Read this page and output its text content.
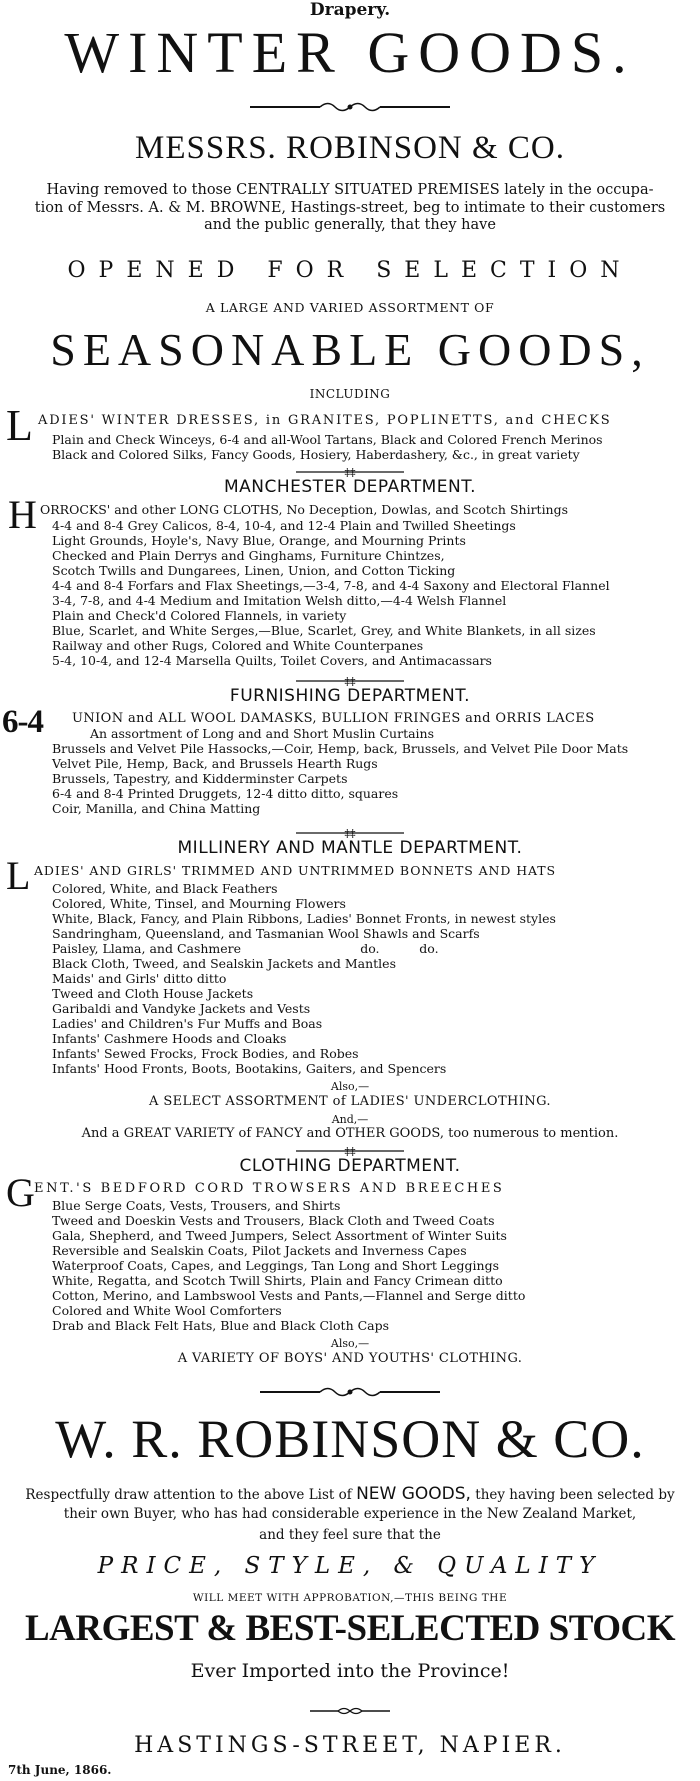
Drapery.
WINTER GOODS.
MESSRS. ROBINSON & CO.
Having removed to those CENTRALLY SITUATED PREMISES lately in the occupa-
tion of Messrs. A. & M. BROWNE, Hastings-street, beg to intimate to their customers
and the public generally, that they have
OPENED FOR SELECTION
A LARGE AND VARIED ASSORTMENT OF
SEASONABLE GOODS,
INCLUDING
L ADIES' WINTER DRESSES, in GRANITES, POPLINETTS, and CHECKS
Plain and Check Winceys, 6-4 and all-Wool Tartans, Black and Colored French Merinos
Black and Colored Silks, Fancy Goods, Hosiery, Haberdashery, &c., in great variety
‡‡
MANCHESTER DEPARTMENT.
H ORROCKS' and other LONG CLOTHS, No Deception, Dowlas, and Scotch Shirtings
4-4 and 8-4 Grey Calicos, 8-4, 10-4, and 12-4 Plain and Twilled Sheetings
Light Grounds, Hoyle's, Navy Blue, Orange, and Mourning Prints
Checked and Plain Derrys and Ginghams, Furniture Chintzes,
Scotch Twills and Dungarees, Linen, Union, and Cotton Ticking
4-4 and 8-4 Forfars and Flax Sheetings,—3-4, 7-8, and 4-4 Saxony and Electoral Flannel
3-4, 7-8, and 4-4 Medium and Imitation Welsh ditto,—4-4 Welsh Flannel
Plain and Check'd Colored Flannels, in variety
Blue, Scarlet, and White Serges,—Blue, Scarlet, Grey, and White Blankets, in all sizes
Railway and other Rugs, Colored and White Counterpanes
5-4, 10-4, and 12-4 Marsella Quilts, Toilet Covers, and Antimacassars
‡‡
FURNISHING DEPARTMENT.
6-4 UNION and ALL WOOL DAMASKS, BULLION FRINGES and ORRIS LACES
An assortment of Long and and Short Muslin Curtains
Brussels and Velvet Pile Hassocks,—Coir, Hemp, back, Brussels, and Velvet Pile Door Mats
Velvet Pile, Hemp, Back, and Brussels Hearth Rugs
Brussels, Tapestry, and Kidderminster Carpets
6-4 and 8-4 Printed Druggets, 12-4 ditto ditto, squares
Coir, Manilla, and China Matting
‡‡
MILLINERY AND MANTLE DEPARTMENT.
L ADIES' AND GIRLS' TRIMMED AND UNTRIMMED BONNETS AND HATS
Colored, White, and Black Feathers
Colored, White, Tinsel, and Mourning Flowers
White, Black, Fancy, and Plain Ribbons, Ladies' Bonnet Fronts, in newest styles
Sandringham, Queensland, and Tasmanian Wool Shawls and Scarfs
Paisley, Llama, and Cashmere                              do.          do.
Black Cloth, Tweed, and Sealskin Jackets and Mantles
Maids' and Girls' ditto ditto
Tweed and Cloth House Jackets
Garibaldi and Vandyke Jackets and Vests
Ladies' and Children's Fur Muffs and Boas
Infants' Cashmere Hoods and Cloaks
Infants' Sewed Frocks, Frock Bodies, and Robes
Infants' Hood Fronts, Boots, Bootakins, Gaiters, and Spencers
Also,—
A SELECT ASSORTMENT of LADIES' UNDERCLOTHING.
And,—
And a GREAT VARIETY of FANCY and OTHER GOODS, too numerous to mention.
‡‡
CLOTHING DEPARTMENT.
G ENT.'S BEDFORD CORD TROWSERS AND BREECHES
Blue Serge Coats, Vests, Trousers, and Shirts
Tweed and Doeskin Vests and Trousers, Black Cloth and Tweed Coats
Gala, Shepherd, and Tweed Jumpers, Select Assortment of Winter Suits
Reversible and Sealskin Coats, Pilot Jackets and Inverness Capes
Waterproof Coats, Capes, and Leggings, Tan Long and Short Leggings
White, Regatta, and Scotch Twill Shirts, Plain and Fancy Crimean ditto
Cotton, Merino, and Lambswool Vests and Pants,—Flannel and Serge ditto
Colored and White Wool Comforters
Drab and Black Felt Hats, Blue and Black Cloth Caps
Also,—
A VARIETY OF BOYS' AND YOUTHS' CLOTHING.
W. R. ROBINSON & CO.
Respectfully draw attention to the above List of NEW GOODS, they having been selected by
their own Buyer, who has had considerable experience in the New Zealand Market,
and they feel sure that the
PRICE, STYLE, & QUALITY
WILL MEET WITH APPROBATION,—THIS BEING THE
LARGEST & BEST-SELECTED STOCK
Ever Imported into the Province!
HASTINGS-STREET, NAPIER.
7th June, 1866.
